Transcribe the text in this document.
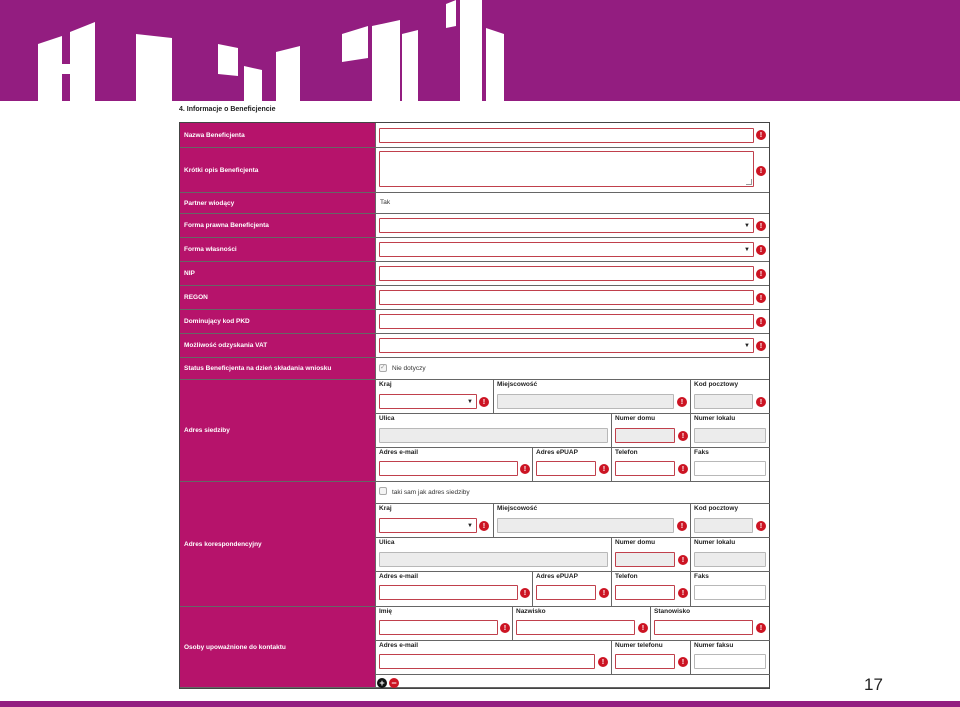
4. Informacje o Beneficjencie
Nazwa Beneficjenta	!
Krótki opis Beneficjenta	!
Partner wiodący	Tak
Forma prawna Beneficjenta	▼	!
Forma własności	▼	!
NIP	!
REGON	!
Dominujący kod PKD	!
Możliwość odzyskania VAT	▼	!
Status Beneficjenta na dzień składania wniosku
✓	Nie dotyczy
Adres siedziby
Kraj
▼	!
Miejscowość
!
Kod pocztowy
!
Ulica	Numer domu
!
Numer lokalu
Adres e-mail
!
Adres ePUAP
!
Telefon
!
Faks
Adres korespondencyjny
taki sam jak adres siedziby
Kraj
▼	!
Miejscowość
!
Kod pocztowy
!
Ulica	Numer domu
!
Numer lokalu
Adres e-mail
!
Adres ePUAP
!
Telefon
!
Faks
Osoby upoważnione do kontaktu
Imię
!
Nazwisko
!
Stanowisko
!
Adres e-mail
!
Numer telefonu
!
Numer faksu
+ −	17
